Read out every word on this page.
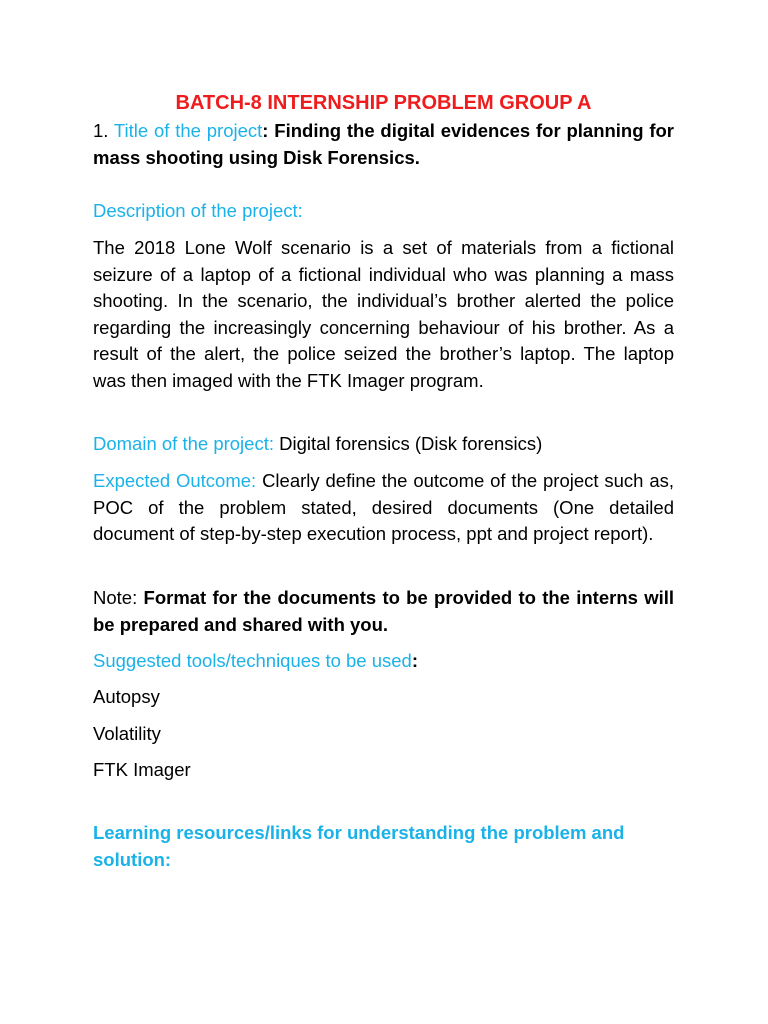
BATCH-8 INTERNSHIP PROBLEM GROUP A

1. Title of the project: Finding the digital evidences for planning for mass shooting using Disk Forensics.

Description of the project:

The 2018 Lone Wolf scenario is a set of materials from a fictional seizure of a laptop of a fictional individual who was planning a mass shooting. In the scenario, the individual’s brother alerted the police regarding the increasingly concerning behaviour of his brother. As a result of the alert, the police seized the brother’s laptop. The laptop was then imaged with the FTK Imager program.

Domain of the project: Digital forensics (Disk forensics)

Expected Outcome: Clearly define the outcome of the project such as, POC of the problem stated, desired documents (One detailed document of step-by-step execution process, ppt and project report).

Note: Format for the documents to be provided to the interns will be prepared and shared with you.

Suggested tools/techniques to be used:

Autopsy

Volatility

FTK Imager

Learning resources/links for understanding the problem and solution:
